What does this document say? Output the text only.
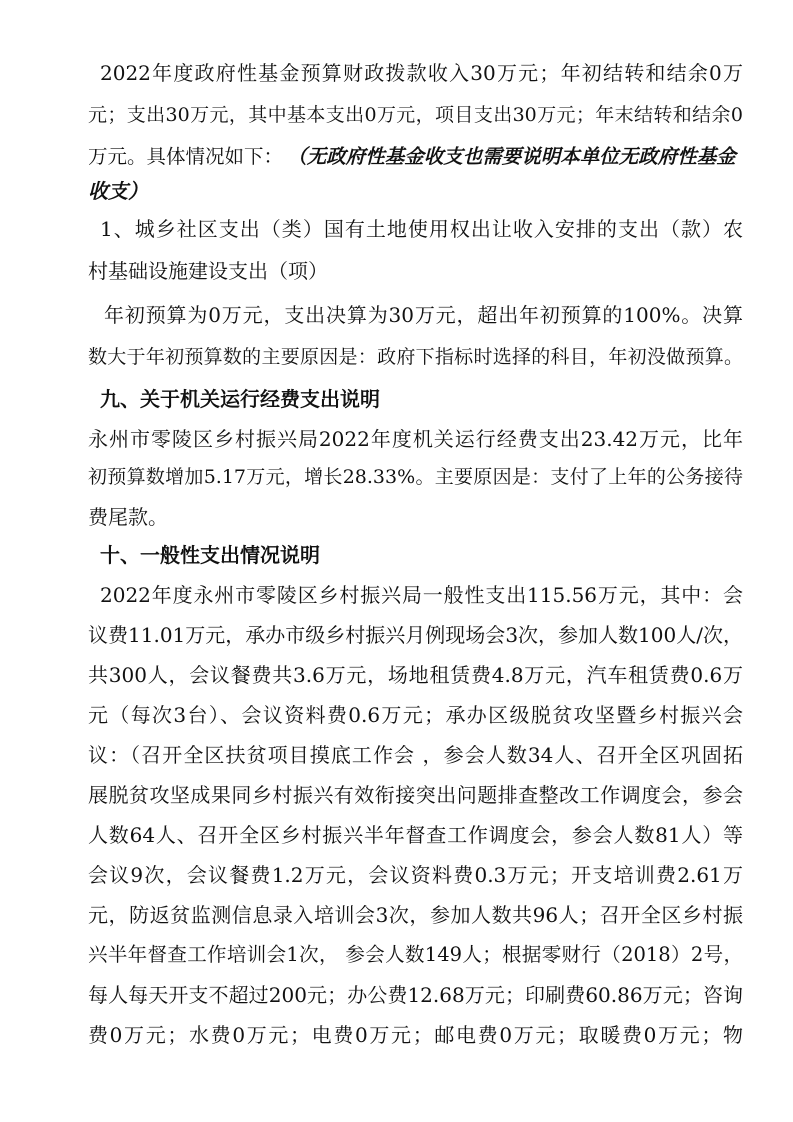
2022年度政府性基金预算财政拨款收入30万元；年初结转和结余0万
元；支出30万元，其中基本支出0万元，项目支出30万元；年末结转和结余0
万元。具体情况如下： （无政府性基金收支也需要说明本单位无政府性基金
收支）
1、城乡社区支出（类）国有土地使用权出让收入安排的支出（款）农
村基础设施建设支出（项）
年初预算为0万元，支出决算为30万元，超出年初预算的100%。决算
数大于年初预算数的主要原因是：政府下指标时选择的科目，年初没做预算。
九、关于机关运行经费支出说明
永州市零陵区乡村振兴局2022年度机关运行经费支出23.42万元，比年
初预算数增加5.17万元，增长28.33%。主要原因是：支付了上年的公务接待
费尾款。
十、一般性支出情况说明
2022年度永州市零陵区乡村振兴局一般性支出115.56万元，其中：会
议费11.01万元，承办市级乡村振兴月例现场会3次，参加人数100人/次，
共300人，会议餐费共3.6万元，场地租赁费4.8万元，汽车租赁费0.6万
元（每次3台）、会议资料费0.6万元；承办区级脱贫攻坚暨乡村振兴会
议：（召开全区扶贫项目摸底工作会 ，参会人数34人、召开全区巩固拓
展脱贫攻坚成果同乡村振兴有效衔接突出问题排查整改工作调度会，参会
人数64人、召开全区乡村振兴半年督查工作调度会，参会人数81人）等
会议9次，会议餐费1.2万元，会议资料费0.3万元；开支培训费2.61万
元，防返贫监测信息录入培训会3次，参加人数共96人；召开全区乡村振
兴半年督查工作培训会1次， 参会人数149人；根据零财行（2018）2号，
每人每天开支不超过200元；办公费12.68万元；印刷费60.86万元；咨询
费0万元；水费0万元；电费0万元；邮电费0万元；取暖费0万元；物
